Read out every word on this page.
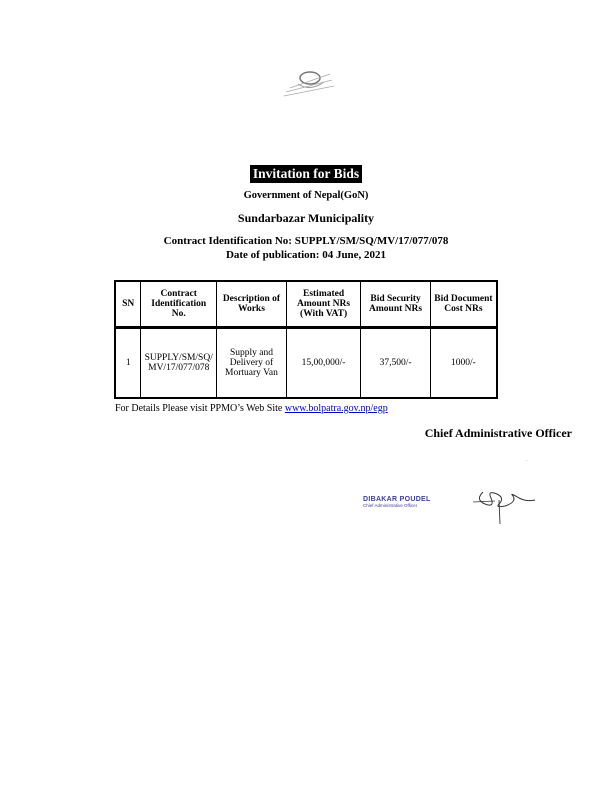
Invitation for Bids
Government of Nepal(GoN)
Sundarbazar Municipality
Contract Identification No: SUPPLY/SM/SQ/MV/17/077/078
Date of publication: 04 June, 2021
SN	Contract Identification No.	Description of Works	Estimated Amount NRs (With VAT)	Bid Security Amount NRs	Bid Document Cost NRs
1	SUPPLY/SM/SQ/MV/17/077/078	Supply and Delivery of Mortuary Van	15,00,000/-	37,500/-	1000/-
For Details Please visit PPMO’s Web Site www.bolpatra.gov.np/egp
Chief Administrative Officer
·
DIBAKAR POUDEL
Chief Administrative Officer
